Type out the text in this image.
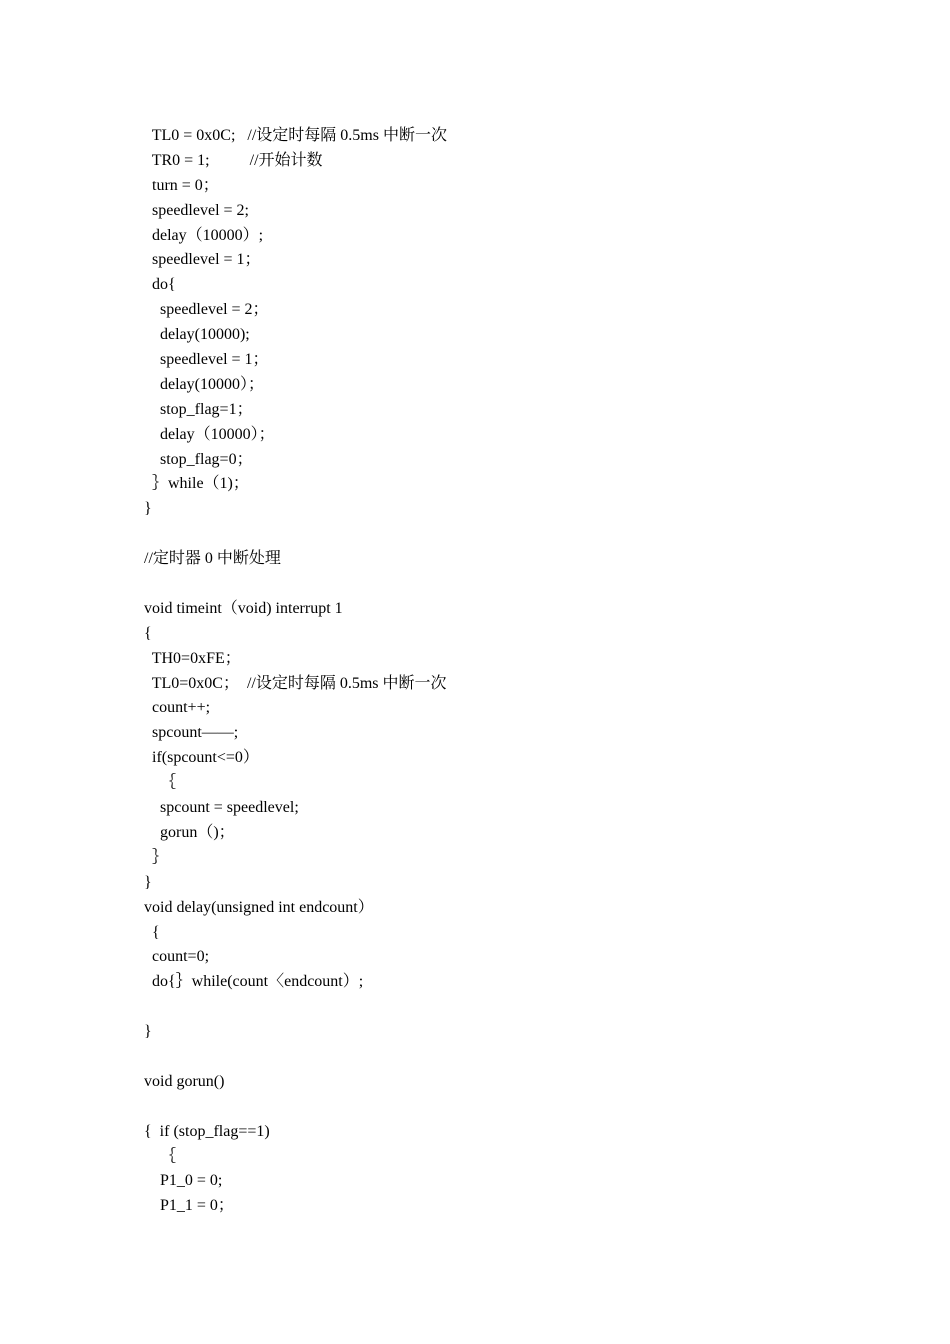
TL0 = 0x0C;   //设定时每隔 0.5ms 中断一次
TR0 = 1;          //开始计数
turn = 0；
speedlevel = 2;
delay（10000）;
speedlevel = 1；
do{
speedlevel = 2；
delay(10000);
speedlevel = 1；
delay(10000）；
stop_flag=1；
delay（10000）；
stop_flag=0；
｝while（1)；
}
//定时器 0 中断处理
void timeint（void) interrupt 1
{
TH0=0xFE；
TL0=0x0C；  //设定时每隔 0.5ms 中断一次
count++;
spcount——;
if(spcount<=0）
｛
spcount = speedlevel;
gorun（)；
｝
}
void delay(unsigned int endcount）
{
count=0;
do{｝while(count〈endcount）;
}
void gorun()
{  if (stop_flag==1)
｛
P1_0 = 0;
P1_1 = 0；
